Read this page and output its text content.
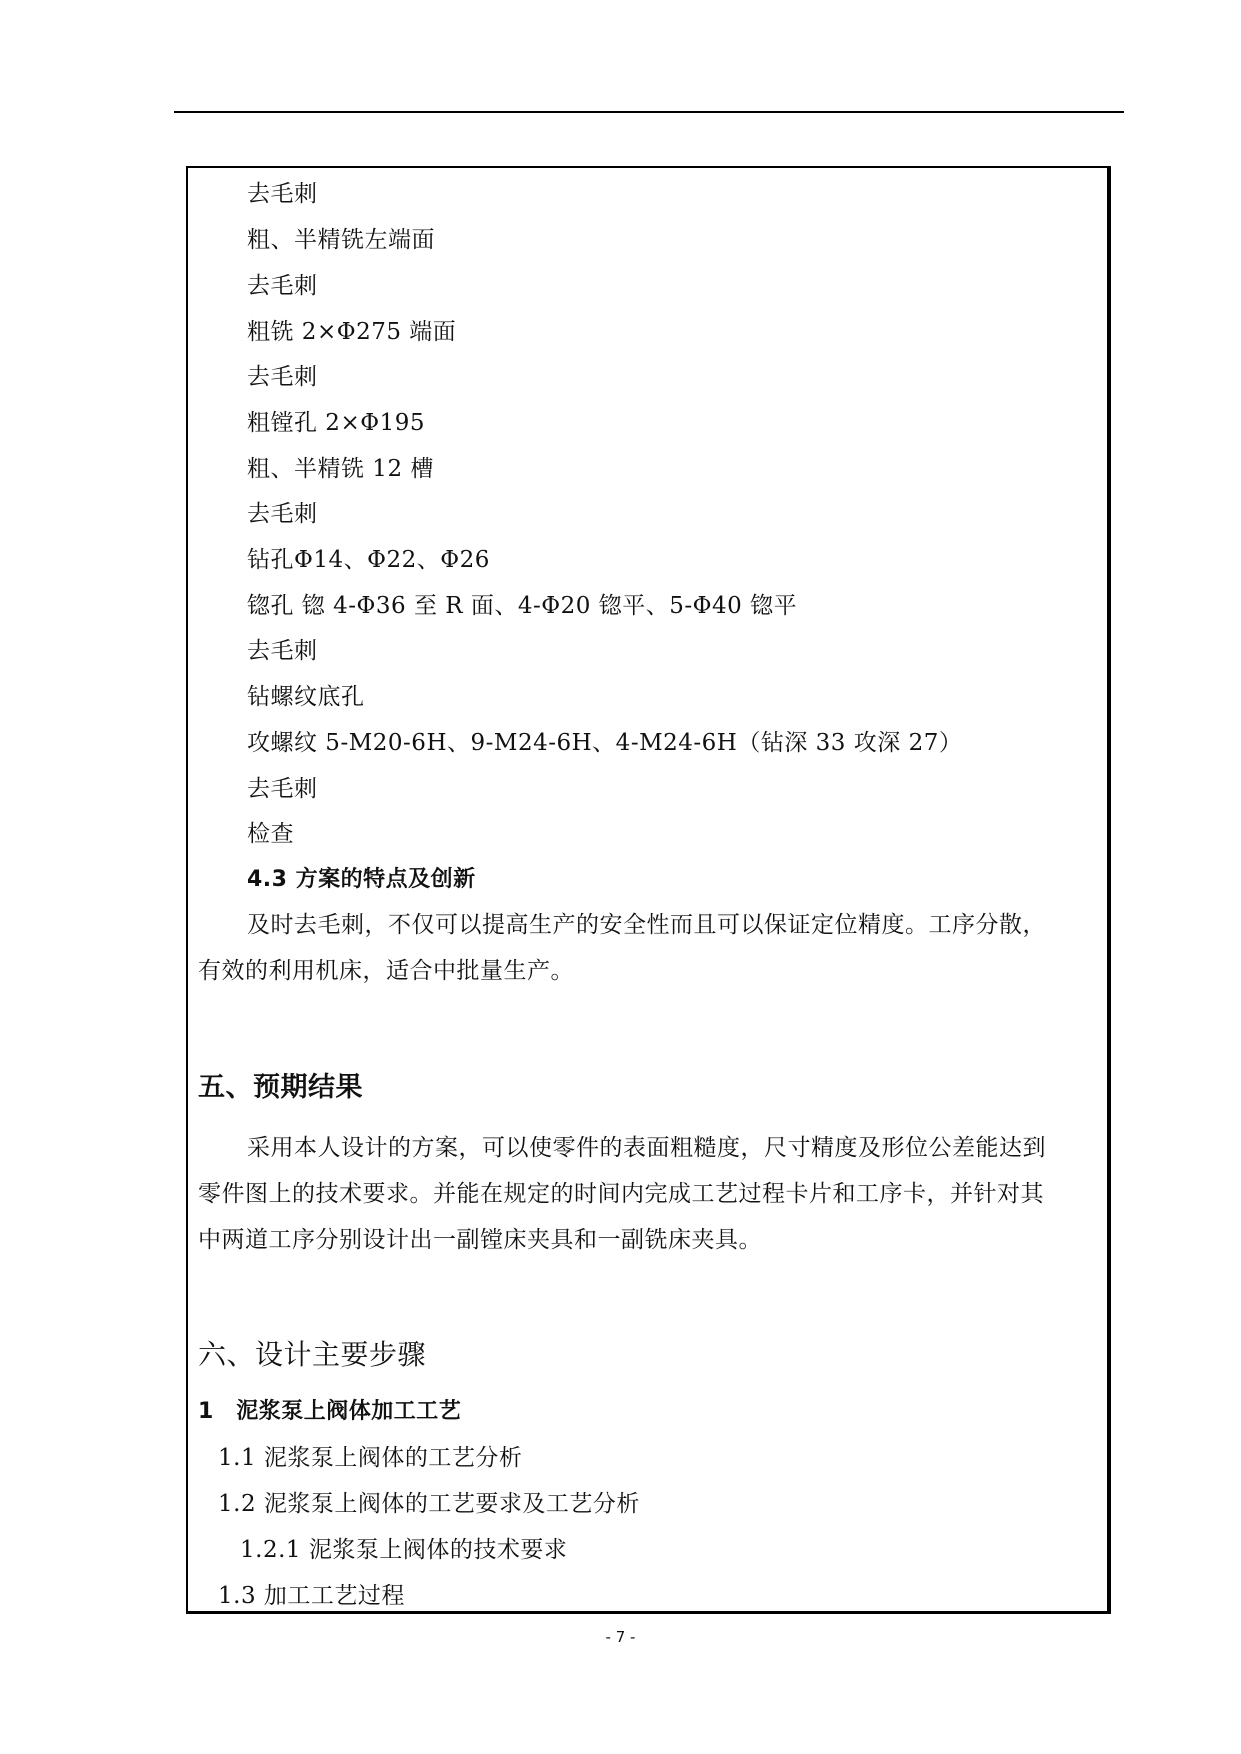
去毛刺
粗、半精铣左端面
去毛刺
粗铣 2×Φ275 端面
去毛刺
粗镗孔 2×Φ195
粗、半精铣 12 槽
去毛刺
钻孔Φ14、Φ22、Φ26
锪孔 锪 4-Φ36 至 R 面、4-Φ20 锪平、5-Φ40 锪平
去毛刺
钻螺纹底孔
攻螺纹 5-M20-6H、9-M24-6H、4-M24-6H（钻深 33 攻深 27）
去毛刺
检查
4.3 方案的特点及创新
及时去毛刺，不仅可以提高生产的安全性而且可以保证定位精度。工序分散，
有效的利用机床，适合中批量生产。
五、预期结果
采用本人设计的方案，可以使零件的表面粗糙度，尺寸精度及形位公差能达到
零件图上的技术要求。并能在规定的时间内完成工艺过程卡片和工序卡，并针对其
中两道工序分别设计出一副镗床夹具和一副铣床夹具。
六、设计主要步骤
1　泥浆泵上阀体加工工艺
1.1 泥浆泵上阀体的工艺分析
1.2 泥浆泵上阀体的工艺要求及工艺分析
1.2.1 泥浆泵上阀体的技术要求
1.3 加工工艺过程
- 7 -
